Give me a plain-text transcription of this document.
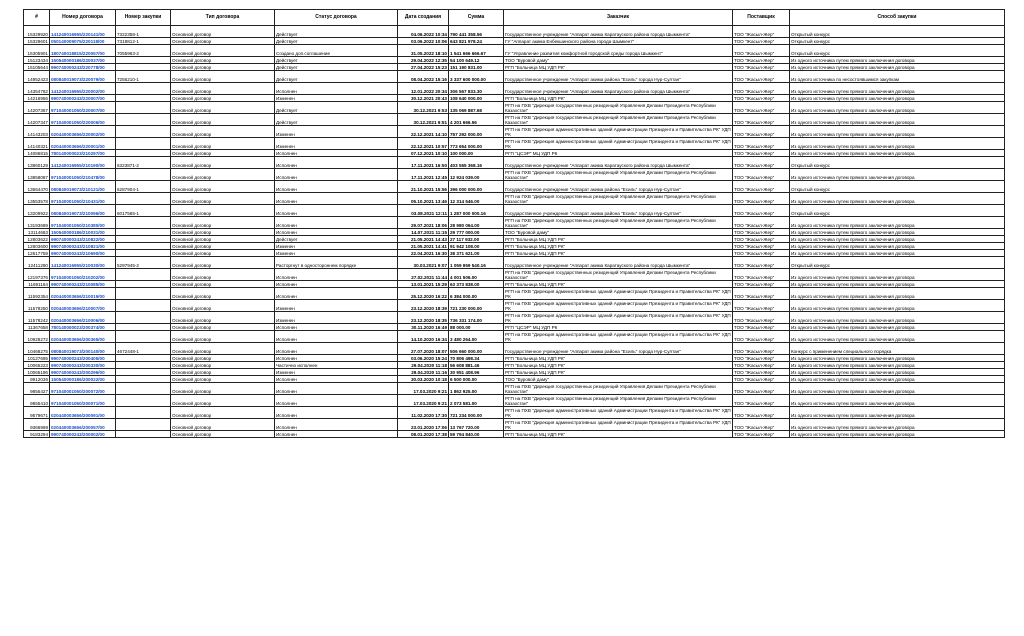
#	Номер договора	Номер закупки	Тип договора	Статус договора	Дата создания	Сумма	Заказчик	Поставщик	Способ закупки
15329920	141240016955/220141/00	7322358-1	Основной договор	Действует	04.06.2022 10:34	790 441 358.56	Государственное учреждение "Аппарат акима Каратауского района города Шымкента"	ТОО "Жасыл-Жер"	Открытый конкурс
15329601	050140009075/220118/00	7318812-1	Основной договор	Действует	03.06.2022 10:06	643 821 978.24	ГУ "Аппарат акима Енбекшинского района города Шымкент"	ТОО "Жасыл-Жер"	Открытый конкурс
15305901	180740018815/220057/00	7055963-2	Основной договор	Создано доп.соглашение	31.05.2022 18:10	1 541 666 666.67	ГУ "Управление развития комфортной городской среды города Шымкент"	ТОО "Жасыл-Жер"	Открытый конкурс
15123434	150540000186/220037/00		Основной договор	Действует	29.04.2022 12:35	54 100 649.12	ТОО "Буровой даму"	ТОО "Жасыл-Жер"	Из одного источника путем прямого заключения договора
15105644	990740000243/220778/00		Основной договор	Действует	27.04.2022 15:23	151 190 831.00	РГП "Больница МЦ УДП РК"	ТОО "Жасыл-Жер"	Из одного источника путем прямого заключения договора
14952423	080840019073/220079/00	7256210-1	Основной договор	Действует	08.04.2022 15:16	3 337 600 000.00	Государственное учреждение "Аппарат акима района "Есиль" города Нур-Султан"	ТОО "Жасыл-Жер"	Из одного источника по несостоявшимся закупкам
14354782	141240016955/220002/00		Основной договор	Исполнен	12.01.2022 20:34	306 567 833.30	Государственное учреждение "Аппарат акима Каратауского района города Шымкента"	ТОО "Жасыл-Жер"	Из одного источника путем прямого заключения договора
14216956	990740000243/220007/00		Основной договор	Изменен	30.12.2021 20:43	108 640 000.00	РГП "Больница МЦ УДП РК"	ТОО "Жасыл-Жер"	Из одного источника путем прямого заключения договора
14207367	971040001050/220007/00		Основной договор	Действует	30.12.2021 9:53	135 069 887.68	РГП на ПХВ "Дирекция государственных резиденций Управления Делами Президента Республики Казахстан"	ТОО "Жасыл-Жер"	Из одного источника путем прямого заключения договора
14207347	971040001050/220006/00		Основной договор	Действует	30.12.2021 9:51	4 201 666.56	РГП на ПХВ "Дирекция государственных резиденций Управления Делами Президента Республики Казахстан"	ТОО "Жасыл-Жер"	Из одного источника путем прямого заключения договора
14143203	020440003656/220002/00		Основной договор	Изменен	22.12.2021 14:10	757 292 000.00	РГП на ПХВ "Дирекция административных зданий Администрации Президента и Правительства РК" УДП РК	ТОО "Жасыл-Жер"	Из одного источника путем прямого заключения договора
14140321	020440003656/220001/00		Основной договор	Изменен	22.12.2021 10:57	773 654 000.00	РГП на ПХВ "Дирекция административных зданий Администрации Президента и Правительства РК" УДП РК	ТОО "Жасыл-Жер"	Из одного источника путем прямого заключения договора
14086815	780140000023/210297/00		Основной договор	Исполнен	07.12.2021 10:10	100 000.00	РГП "ЦСЭР" МЦ УДП РК	ТОО "Жасыл-Жер"	Из одного источника путем прямого заключения договора
13860129	141240016955/210190/00	6323871-2	Основной договор	Исполнен	17.11.2021 16:50	403 555 368.16	Государственное учреждение "Аппарат акима Каратауского района города Шымкента"	ТОО "Жасыл-Жер"	Открытый конкурс
13858087	971040001050/210478/00		Основной договор	Исполнен	17.11.2021 12:45	12 924 039.00	РГП на ПХВ "Дирекция государственных резиденций Управления Делами Президента Республики Казахстан"	ТОО "Жасыл-Жер"	Из одного источника путем прямого заключения договора
13664470	080840019073/210121/00	6287904-1	Основной договор	Исполнен	21.10.2021 15:56	396 000 000.00	Государственное учреждение "Аппарат акима района "Есиль" города Нур-Султан"	ТОО "Жасыл-Жер"	Открытый конкурс
13553578	971040001050/210431/00		Основной договор	Исполнен	05.10.2021 13:46	12 314 546.00	РГП на ПХВ "Дирекция государственных резиденций Управления Делами Президента Республики Казахстан"	ТОО "Жасыл-Жер"	Из одного источника путем прямого заключения договора
13209922	080840019073/210096/00	6017565-1	Основной договор	Исполнен	03.08.2021 12:11	1 287 000 000.16	Государственное учреждение "Аппарат акима района "Есиль" города Нур-Султан"	ТОО "Жасыл-Жер"	Открытый конкурс
13193689	971040001050/210380/00		Основной договор	Исполнен	29.07.2021 18:06	28 980 064.00	РГП на ПХВ "Дирекция государственных резиденций Управления Делами Президента Республики Казахстан"	ТОО "Жасыл-Жер"	Из одного источника путем прямого заключения договора
13114663	150540000186/210031/00		Основной договор	Исполнен	14.07.2021 11:15	29 777 000.00	ТОО "Буровой даму"	ТОО "Жасыл-Жер"	Из одного источника путем прямого заключения договора
12803622	990740000243/210822/00		Основной договор	Действует	21.05.2021 14:43	27 117 932.00	РГП "Больница МЦ УДП РК"	ТОО "Жасыл-Жер"	Из одного источника путем прямого заключения договора
12803600	990740000243/210821/00		Основной договор	Изменен	21.05.2021 14:41	91 942 108.00	РГП "Больница МЦ УДП РК"	ТОО "Жасыл-Жер"	Из одного источника путем прямого заключения договора
12617759	990740000243/210690/00		Основной договор	Изменен	22.04.2021 16:30	38 371 621.00	РГП "Больница МЦ УДП РК"	ТОО "Жасыл-Жер"	Из одного источника путем прямого заключения договора
12411280	141240016955/210030/00	5297945-2	Основной договор	Расторгнут в одностороннем порядке	30.03.2021 9:07	1 059 959 540.16	Государственное учреждение "Аппарат акима Каратауского района города Шымкента"	ТОО "Жасыл-Жер"	Открытый конкурс
12197376	971040001050/210202/00		Основной договор	Исполнен	27.02.2021 11:44	4 001 506.00	РГП на ПХВ "Дирекция государственных резиденций Управления Делами Президента Республики Казахстан"	ТОО "Жасыл-Жер"	Из одного источника путем прямого заключения договора
11691164	990740000243/210085/00		Основной договор	Исполнен	13.01.2021 15:29	63 373 838.00	РГП "Больница МЦ УДП РК"	ТОО "Жасыл-Жер"	Из одного источника путем прямого заключения договора
11592354	020440003656/210019/00		Основной договор	Исполнен	25.12.2020 16:22	6 384 000.00	РГП на ПХВ "Дирекция административных зданий Администрации Президента и Правительства РК" УДП РК	ТОО "Жасыл-Жер"	Из одного источника путем прямого заключения договора
11578250	020440003656/210007/00		Основной договор	Изменен	23.12.2020 18:39	721 230 000.00	РГП на ПХВ "Дирекция административных зданий Администрации Президента и Правительства РК" УДП РК	ТОО "Жасыл-Жер"	Из одного источника путем прямого заключения договора
11578242	020440003656/210006/00		Основной договор	Изменен	23.12.2020 18:35	736 331 174.00	РГП на ПХВ "Дирекция административных зданий Администрации Президента и Правительства РК" УДП РК	ТОО "Жасыл-Жер"	Из одного источника путем прямого заключения договора
11367658	780140000023/200374/00		Основной договор	Исполнен	30.11.2020 16:49	88 000.00	РГП "ЦСЭР" МЦ УДП РК	ТОО "Жасыл-Жер"	Из одного источника путем прямого заключения договора
10928272	020440003656/200365/00		Основной договор	Исполнен	14.10.2020 16:34	3 480 264.00	РГП на ПХВ "Дирекция административных зданий Администрации Президента и Правительства РК" УДП РК	ТОО "Жасыл-Жер"	Из одного источника путем прямого заключения договора
10468275	080840019073/200140/00	4672448-1	Основной договор	Исполнен	27.07.2020 18:07	506 660 000.00	Государственное учреждение "Аппарат акима района "Есиль" города Нур-Султан"	ТОО "Жасыл-Жер"	Конкурс с применением специального порядка
10127695	990740000243/200405/00		Основной договор	Исполнен	03.06.2020 15:24	70 806 498.34	РГП "Больница МЦ УДП РК"	ТОО "Жасыл-Жер"	Из одного источника путем прямого заключения договора
10065223	990740000243/200330/00		Основной договор	Частично исполнен	29.04.2020 11:18	56 608 881.46	РГП "Больница МЦ УДП РК"	ТОО "Жасыл-Жер"	Из одного источника путем прямого заключения договора
10065196	990740000243/200296/00		Основной договор	Изменен	29.04.2020 11:16	30 951 408.96	РГП "Больница МЦ УДП РК"	ТОО "Жасыл-Жер"	Из одного источника путем прямого заключения договора
9912036	150540000186/200022/00		Основной договор	Исполнен	30.03.2020 10:18	6 500 000.00	ТОО "Буровой даму"	ТОО "Жасыл-Жер"	Из одного источника путем прямого заключения договора
9855427	971040001050/200072/00		Основной договор	Исполнен	17.03.2020 9:21	1 862 925.00	РГП на ПХВ "Дирекция государственных резиденций Управления Делами Президента Республики Казахстан"	ТОО "Жасыл-Жер"	Из одного источника путем прямого заключения договора
9855410	971040001050/200071/00		Основной договор	Исполнен	17.03.2020 9:21	2 073 581.00	РГП на ПХВ "Дирекция государственных резиденций Управления Делами Президента Республики Казахстан"	ТОО "Жасыл-Жер"	Из одного источника путем прямого заключения договора
9579671	020440003656/200091/00		Основной договор	Исполнен	11.02.2020 17:30	721 234 000.00	РГП на ПХВ "Дирекция административных зданий Администрации Президента и Правительства РК" УДП РК	ТОО "Жасыл-Жер"	Из одного источника путем прямого заключения договора
9366998	020440003656/200057/00		Основной договор	Исполнен	23.01.2020 17:06	13 767 720.00	РГП на ПХВ "Дирекция административных зданий Администрации Президента и Правительства РК" УДП РК	ТОО "Жасыл-Жер"	Из одного источника путем прямого заключения договора
9183294	990740000243/200002/00		Основной договор	Исполнен	08.01.2020 17:38	59 794 840.00	РГП "Больница МЦ УДП РК"	ТОО "Жасыл-Жер"	Из одного источника путем прямого заключения договора
